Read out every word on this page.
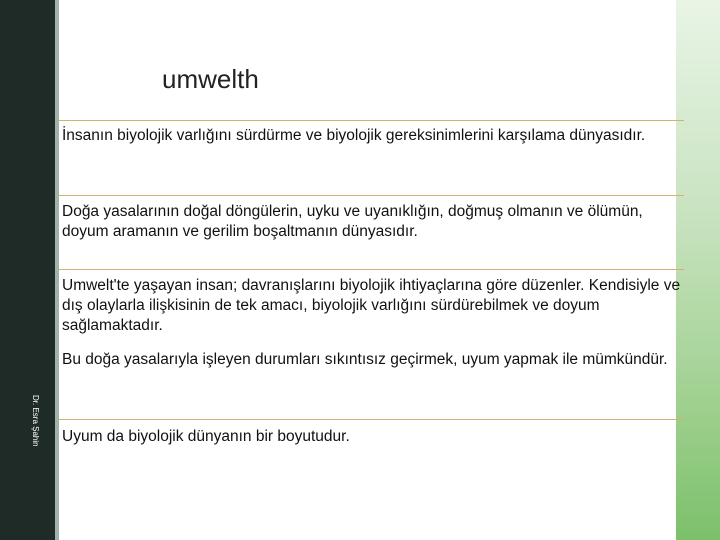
Dr. Esra Şahin
umwelth
İnsanın biyolojik varlığını sürdürme ve biyolojik gereksinimlerini karşılama dünyasıdır.
Doğa yasalarının doğal döngülerin, uyku ve uyanıklığın, doğmuş olmanın ve ölümün, doyum aramanın ve gerilim boşaltmanın dünyasıdır.
Umwelt'te yaşayan insan; davranışlarını biyolojik ihtiyaçlarına göre düzenler. Kendisiyle ve dış olaylarla ilişkisinin de tek amacı, biyolojik varlığını sürdürebilmek ve doyum sağlamaktadır.
Bu doğa yasalarıyla işleyen durumları sıkıntısız geçirmek, uyum yapmak ile mümkündür.
Uyum da biyolojik dünyanın bir boyutudur.
